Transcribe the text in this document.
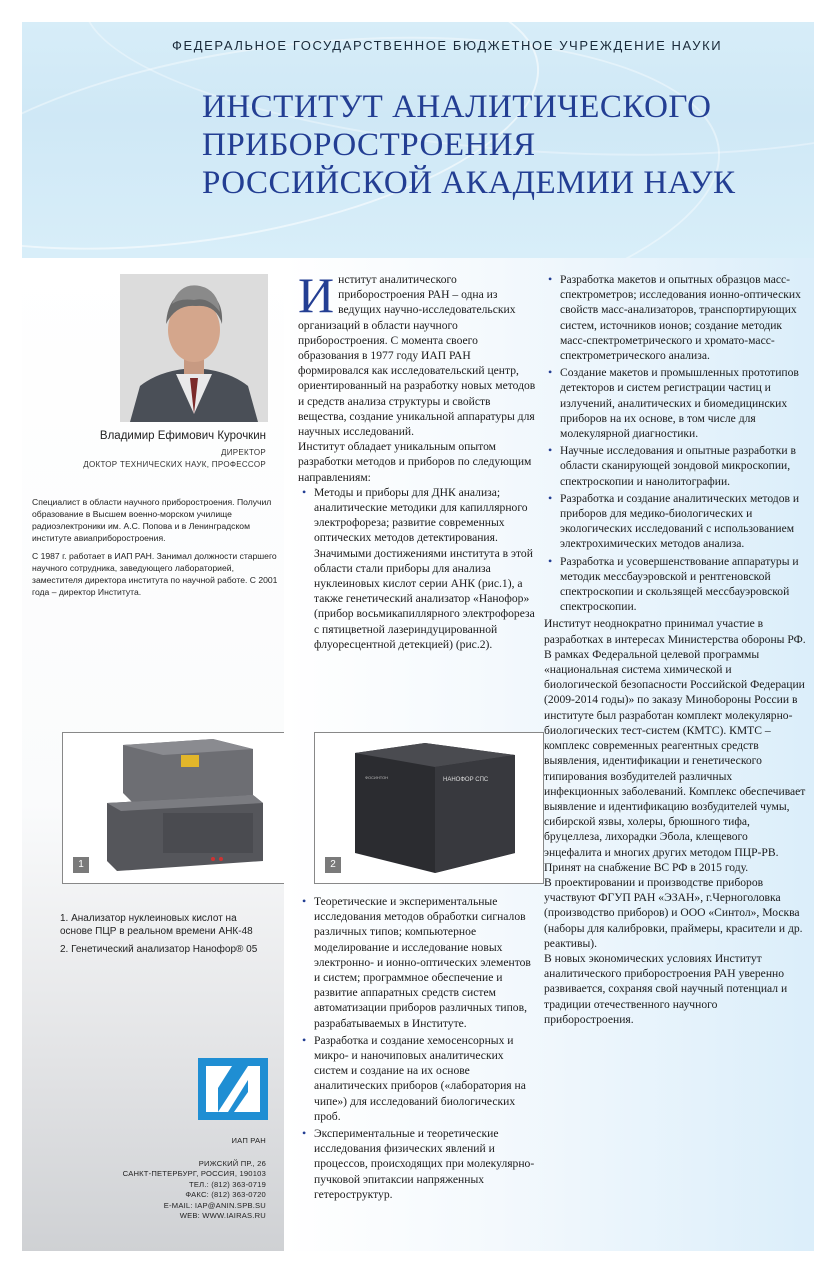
ФЕДЕРАЛЬНОЕ ГОСУДАРСТВЕННОЕ БЮДЖЕТНОЕ УЧРЕЖДЕНИЕ НАУКИ
ИНСТИТУТ АНАЛИТИЧЕСКОГО
ПРИБОРОСТРОЕНИЯ
РОССИЙСКОЙ АКАДЕМИИ НАУК
Владимир Ефимович Курочкин
ДИРЕКТОР
ДОКТОР ТЕХНИЧЕСКИХ НАУК, ПРОФЕССОР

Специалист в области научного приборостроения. Получил образование в Высшем военно-морском училище радиоэлектроники им. А.С. Попова и в Ленинградском институте авиаприборостроения.

С 1987 г. работает в ИАП РАН. Занимал должности старшего научного сотрудника, заведующего лабораторией, заместителя директора института по научной работе. С 2001 года – директор Института.

1

1. Анализатор нуклеиновых кислот на основе ПЦР в реальном времени АНК-48

2. Генетический анализатор Нанофор® 05

ИАП РАН
РИЖСКИЙ ПР., 26
САНКТ-ПЕТЕРБУРГ, РОССИЯ, 190103
ТЕЛ.: (812) 363-0719
ФАКС: (812) 363-0720
E-MAIL: IAP@ANIN.SPB.SU
WEB: WWW.IAIRAS.RU

И нститут аналитического приборостроения РАН – одна из ведущих научно-исследовательских организаций в области научного приборостроения. С момента своего образования в 1977 году ИАП РАН формировался как исследовательский центр, ориентированный на разработку новых методов и средств анализа структуры и свойств вещества, создание уникальной аппаратуры для научных исследований.

Институт обладает уникальным опытом разработки методов и приборов по следующим направлениям:

• Методы и приборы для ДНК анализа; аналитические методики для капиллярного электрофореза; развитие современных оптических методов детектирования. Значимыми достижениями института в этой области стали приборы для анализа нуклеиновых кислот серии АНК (рис.1), а также генетический анализатор «Нанофор» (прибор восьмикапиллярного электрофореза с пятицветной лазериндуцированной флуоресцентной детекцией) (рис.2).
НАНОФОР СПС
ФОСИНТОН
2
• Теоретические и экспериментальные исследования методов обработки сигналов различных типов; компьютерное моделирование и исследование новых электронно- и ионно-оптических элементов и систем; программное обеспечение и развитие аппаратных средств систем автоматизации приборов различных типов, разрабатываемых в Институте.
• Разработка и создание хемосенсорных и микро- и наночиповых аналитических систем и создание на их основе аналитических приборов («лаборатория на чипе») для исследований биологических проб.
• Экспериментальные и теоретические исследования физических явлений и процессов, происходящих при молекулярно-пучковой эпитаксии напряженных гетероструктур.
• Разработка макетов и опытных образцов масс-спектрометров; исследования ионно-оптических свойств масс-анализаторов, транспортирующих систем, источников ионов; создание методик масс-спектрометрического и хромато-масс-спектрометрического анализа.
• Создание макетов и промышленных прототипов детекторов и систем регистрации частиц и излучений, аналитических и биомедицинских приборов на их основе, в том числе для молекулярной диагностики.
• Научные исследования и опытные разработки в области сканирующей зондовой микроскопии, спектроскопии и нанолитографии.
• Разработка и создание аналитических методов и приборов для медико-биологических и экологических исследований с использованием электрохимических методов анализа.
• Разработка и усовершенствование аппаратуры и методик мессбауэровской и рентгеновской спектроскопии и скользящей мессбауэровской спектроскопии.

Институт неоднократно принимал участие в разработках в интересах Министерства обороны РФ. В рамках Федеральной целевой программы «национальная система химической и биологической безопасности Российской Федерации (2009-2014 годы)» по заказу Минобороны России в институте был разработан комплект молекулярно-биологических тест-систем (КМТС). КМТС – комплекс современных реагентных средств выявления, идентификации и генетического типирования возбудителей различных инфекционных заболеваний. Комплекс обеспечивает выявление и идентификацию возбудителей чумы, сибирской язвы, холеры, брюшного тифа, бруцеллеза, лихорадки Эбола, клещевого энцефалита и многих других методом ПЦР-РВ. Принят на снабжение ВС РФ в 2015 году.

В проектировании и производстве приборов участвуют ФГУП РАН «ЭЗАН», г.Черноголовка (производство приборов) и ООО «Синтол», Москва (наборы для калибровки, праймеры, красители и др. реактивы).

В новых экономических условиях Институт аналитического приборостроения РАН уверенно развивается, сохраняя свой научный потенциал и традиции отечественного научного приборостроения.
